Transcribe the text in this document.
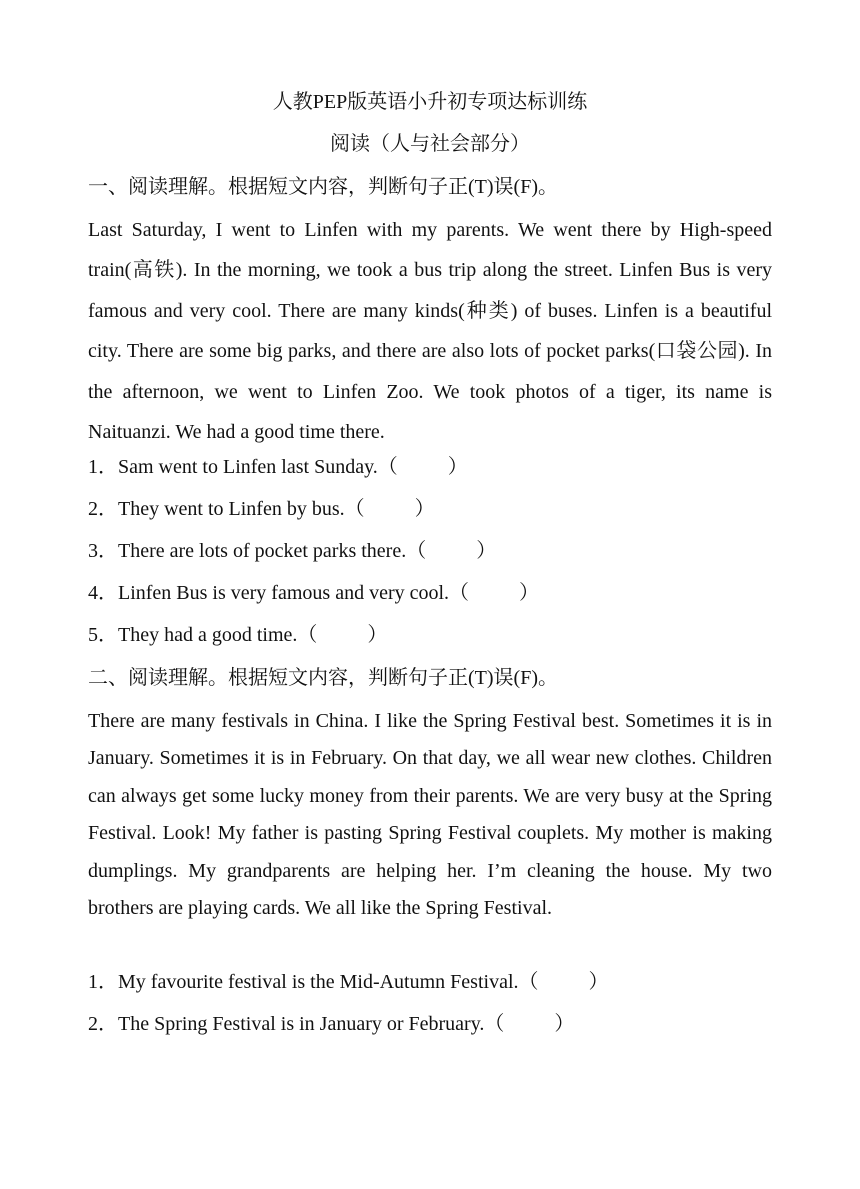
人教PEP版英语小升初专项达标训练
阅读（人与社会部分）
一、阅读理解。根据短文内容，判断句子正(T)误(F)。

Last Saturday, I went to Linfen with my parents. We went there by High-speed train(高铁). In the morning, we took a bus trip along the street. Linfen Bus is very famous and very cool. There are many kinds(种类) of buses. Linfen is a beautiful city. There are some big parks, and there are also lots of pocket parks(口袋公园). In the afternoon, we went to Linfen Zoo. We took photos of a tiger, its name is Naituanzi. We had a good time there.

1．Sam went to Linfen last Sunday.（          ）
2．They went to Linfen by bus.（          ）
3．There are lots of pocket parks there.（          ）
4．Linfen Bus is very famous and very cool.（          ）
5．They had a good time.（          ）
二、阅读理解。根据短文内容，判断句子正(T)误(F)。

There are many festivals in China. I like the Spring Festival best. Sometimes it is in January. Sometimes it is in February. On that day, we all wear new clothes. Children can always get some lucky money from their parents. We are very busy at the Spring Festival. Look! My father is pasting Spring Festival couplets. My mother is making dumplings. My grandparents are helping her. I’m cleaning the house. My two brothers are playing cards. We all like the Spring Festival.

1．My favourite festival is the Mid-Autumn Festival.（          ）
2．The Spring Festival is in January or February.（          ）
